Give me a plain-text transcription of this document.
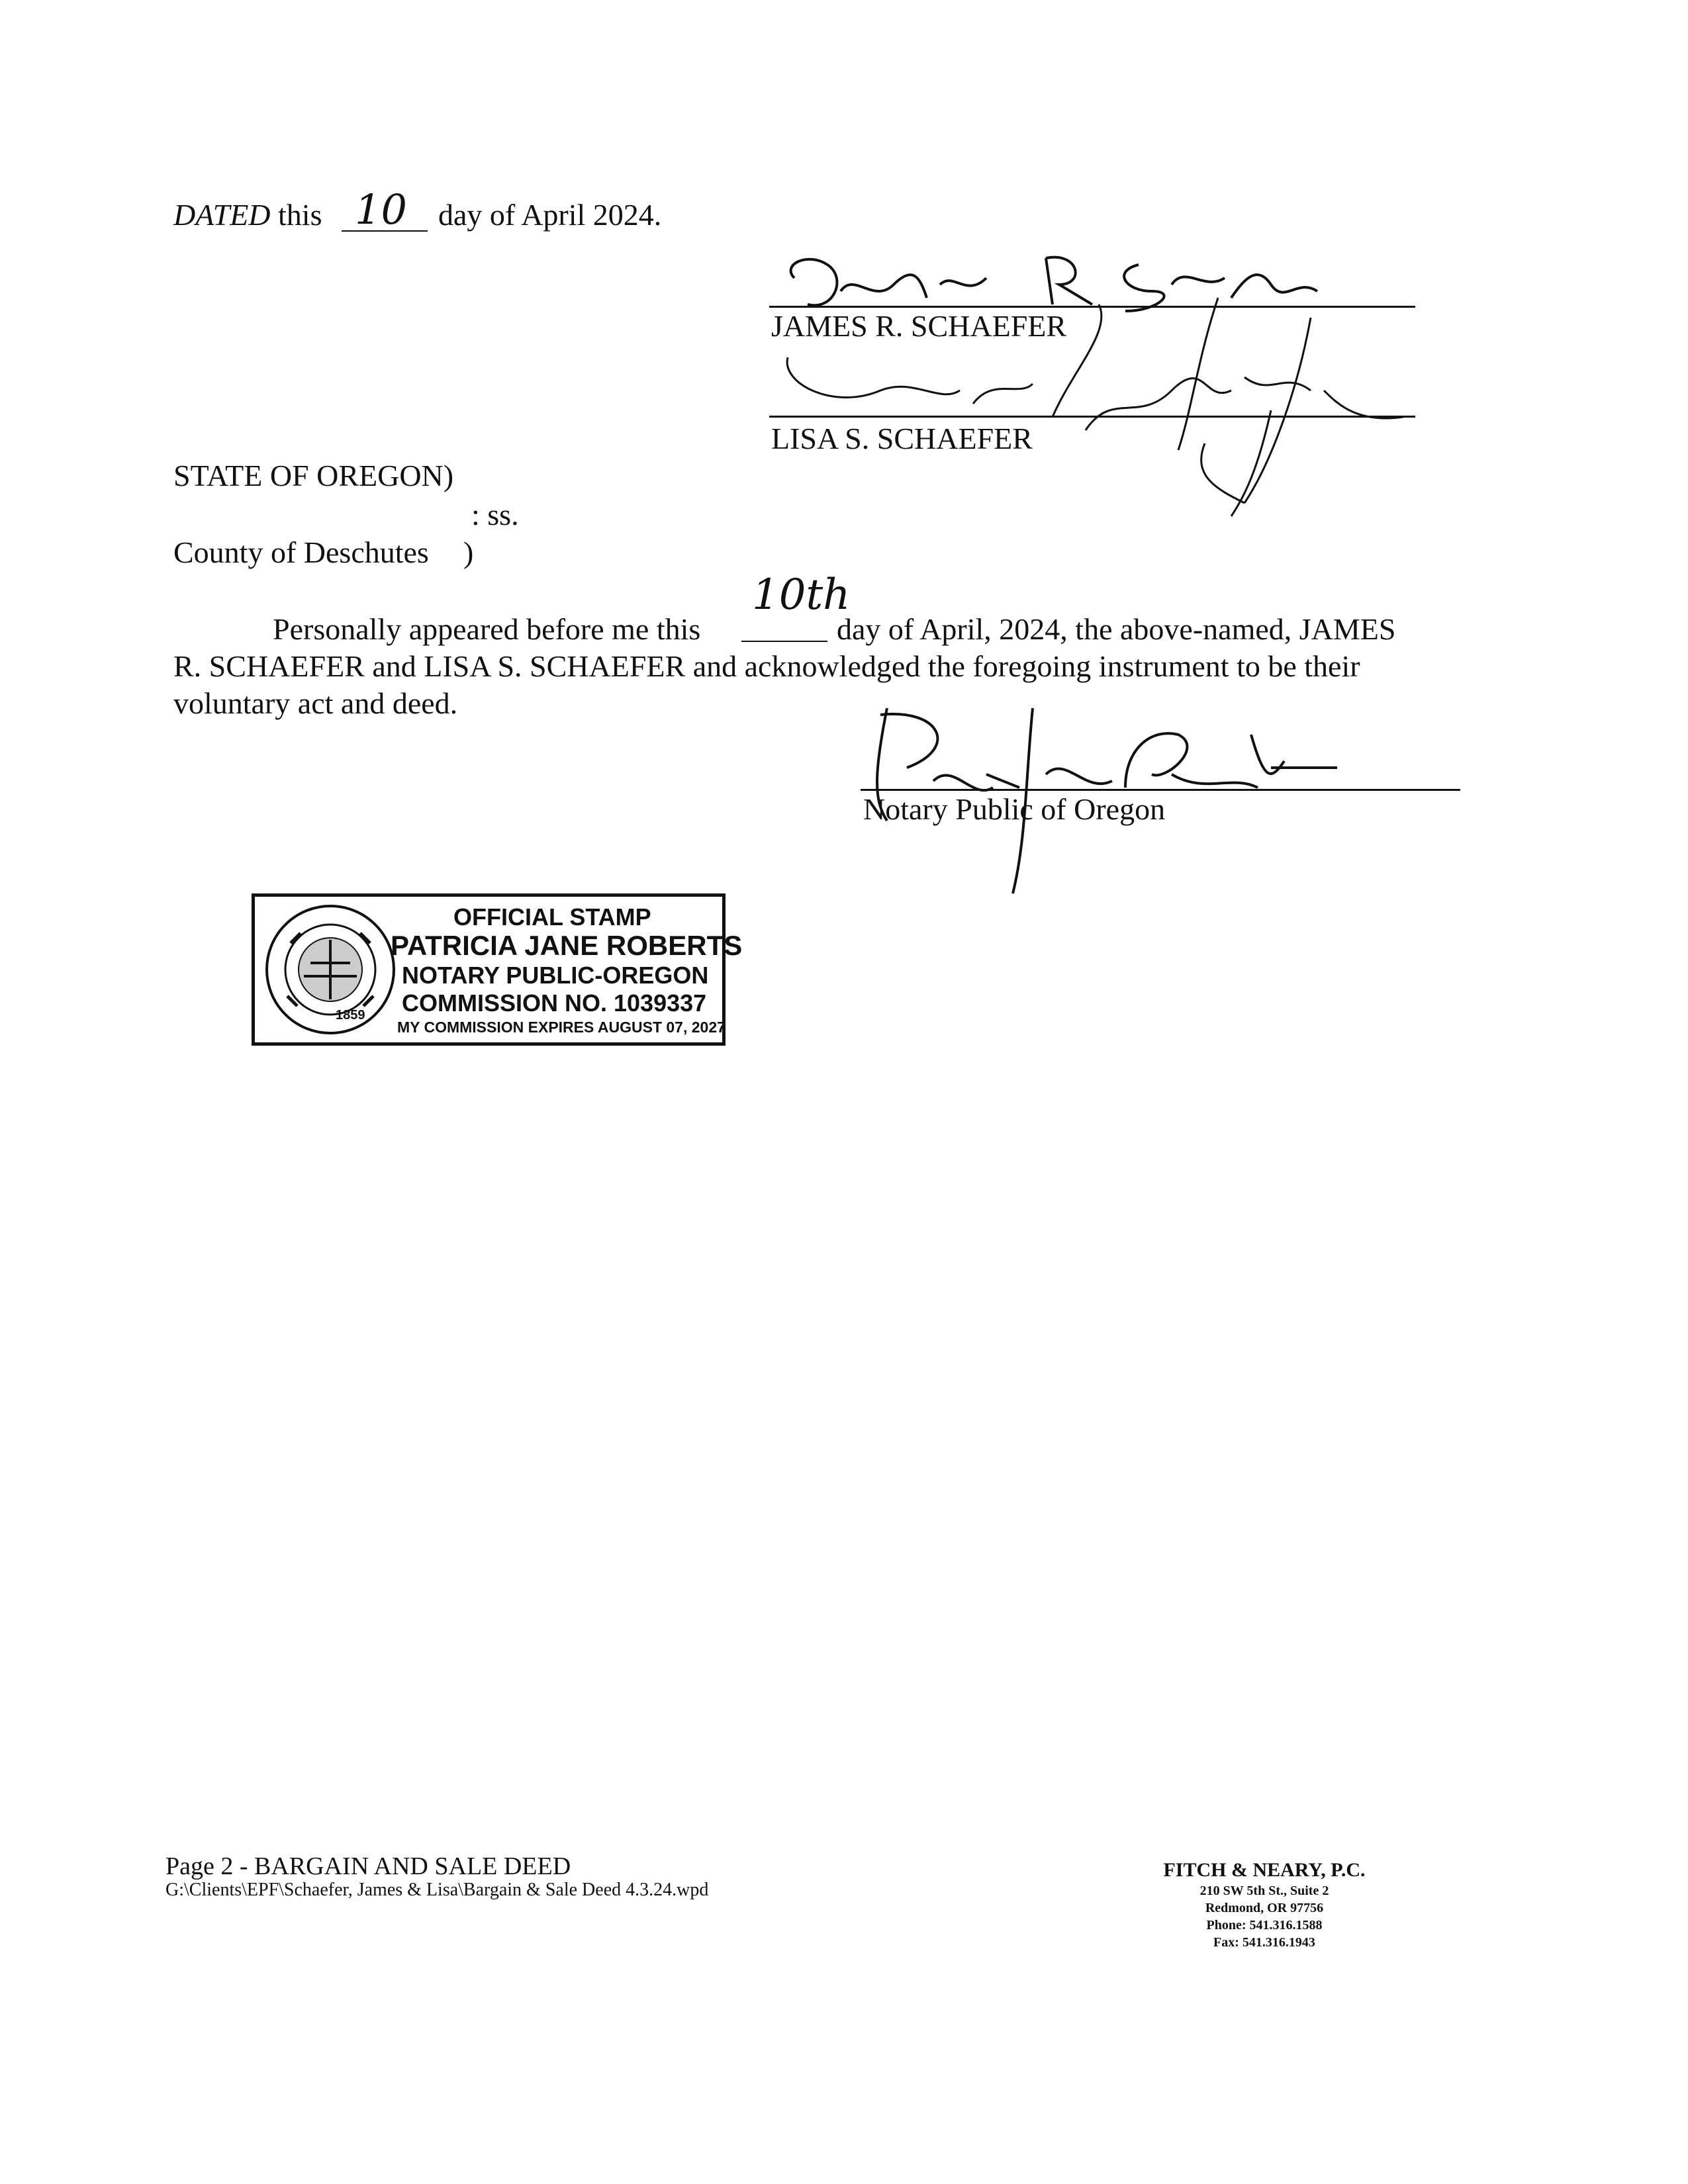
DATED this 10 day of April 2024.
JAMES R. SCHAEFER
LISA S. SCHAEFER
STATE OF OREGON)
: ss.
County of Deschutes )
Personally appeared before me this
10th
day of April, 2024, the above-named, JAMES
R. SCHAEFER and LISA S. SCHAEFER and acknowledged the foregoing instrument to be their
voluntary act and deed.
Notary Public of Oregon
1859
OFFICIAL STAMP
PATRICIA JANE ROBERTS
NOTARY PUBLIC-OREGON
COMMISSION NO. 1039337
MY COMMISSION EXPIRES AUGUST 07, 2027
Page 2 - BARGAIN AND SALE DEED
G:\Clients\EPF\Schaefer, James & Lisa\Bargain & Sale Deed 4.3.24.wpd
FITCH & NEARY, P.C.
210 SW 5th St., Suite 2
Redmond, OR 97756
Phone: 541.316.1588
Fax: 541.316.1943
